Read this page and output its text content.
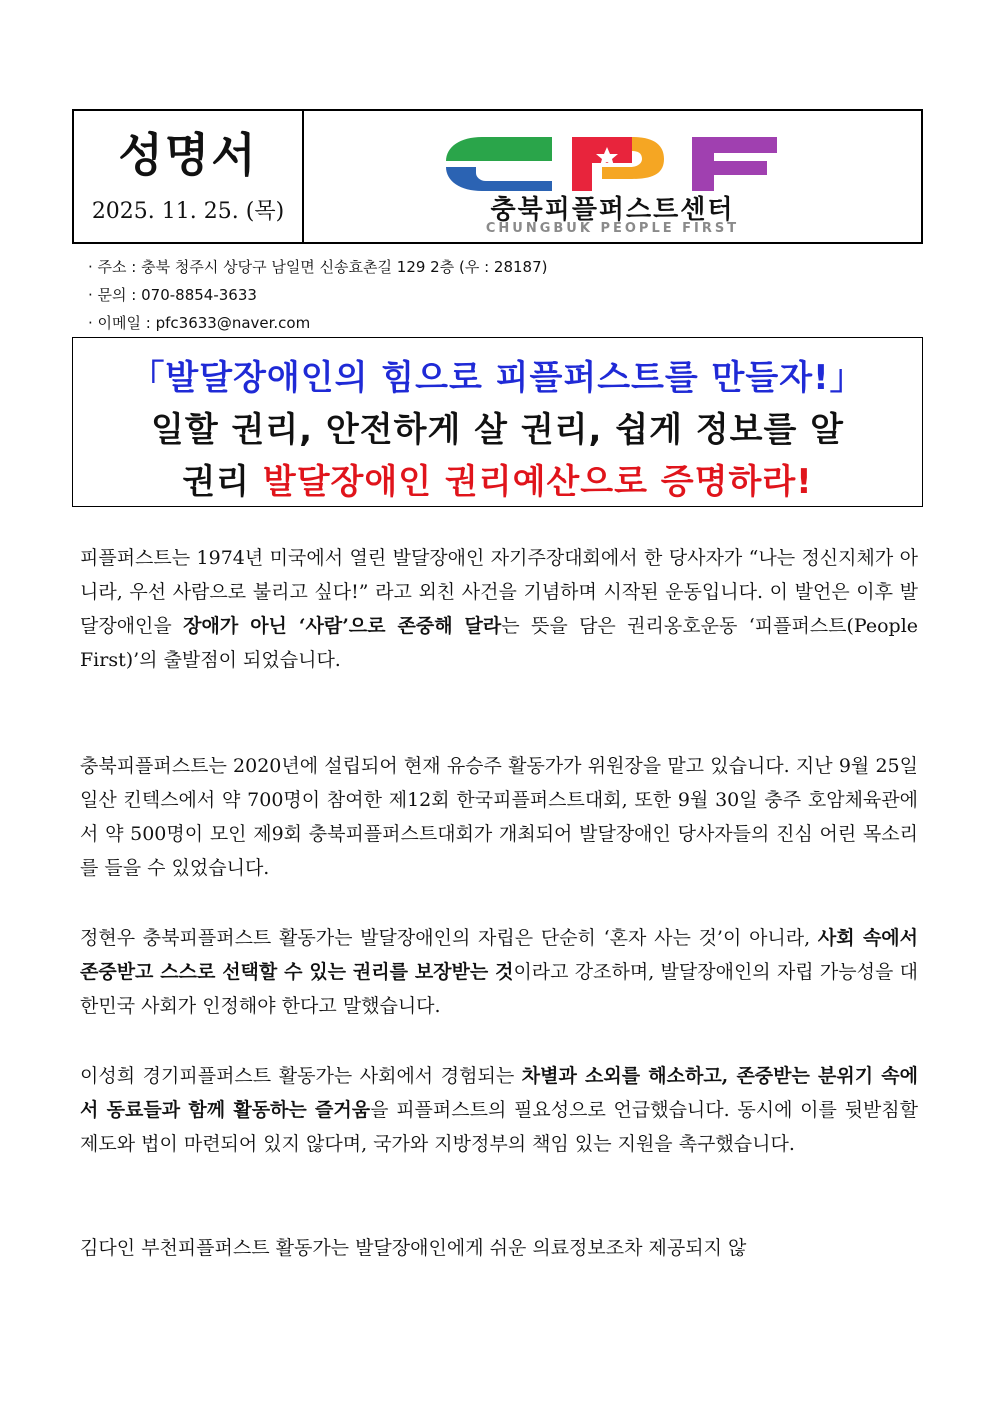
성명서
2025. 11. 25. (목)	충북피플퍼스트센터
CHUNGBUK PEOPLE FIRST
· 주소 : 충북 청주시 상당구 남일면 신송효촌길 129 2층 (우 : 28187)
· 문의 : 070-8854-3633
· 이메일 : pfc3633@naver.com
「발달장애인의 힘으로 피플퍼스트를 만들자!」
일할 권리, 안전하게 살 권리, 쉽게 정보를 알
권리 발달장애인 권리예산으로 증명하라!
피플퍼스트는 1974년 미국에서 열린 발달장애인 자기주장대회에서 한 당사자가 “나는 정신지체가 아니라, 우선 사람으로 불리고 싶다!” 라고 외친 사건을 기념하며 시작된 운동입니다. 이 발언은 이후 발달장애인을 장애가 아닌 ‘사람’으로 존중해 달라는 뜻을 담은 권리옹호운동 ‘피플퍼스트(People First)’의 출발점이 되었습니다.
충북피플퍼스트는 2020년에 설립되어 현재 유승주 활동가가 위원장을 맡고 있습니다. 지난 9월 25일 일산 킨텍스에서 약 700명이 참여한 제12회 한국피플퍼스트대회, 또한 9월 30일 충주 호암체육관에서 약 500명이 모인 제9회 충북피플퍼스트대회가 개최되어 발달장애인 당사자들의 진심 어린 목소리를 들을 수 있었습니다.
정현우 충북피플퍼스트 활동가는 발달장애인의 자립은 단순히 ‘혼자 사는 것’이 아니라, 사회 속에서 존중받고 스스로 선택할 수 있는 권리를 보장받는 것이라고 강조하며, 발달장애인의 자립 가능성을 대한민국 사회가 인정해야 한다고 말했습니다.
이성희 경기피플퍼스트 활동가는 사회에서 경험되는 차별과 소외를 해소하고, 존중받는 분위기 속에서 동료들과 함께 활동하는 즐거움을 피플퍼스트의 필요성으로 언급했습니다. 동시에 이를 뒷받침할 제도와 법이 마련되어 있지 않다며, 국가와 지방정부의 책임 있는 지원을 촉구했습니다.
김다인 부천피플퍼스트 활동가는 발달장애인에게 쉬운 의료정보조차 제공되지 않
